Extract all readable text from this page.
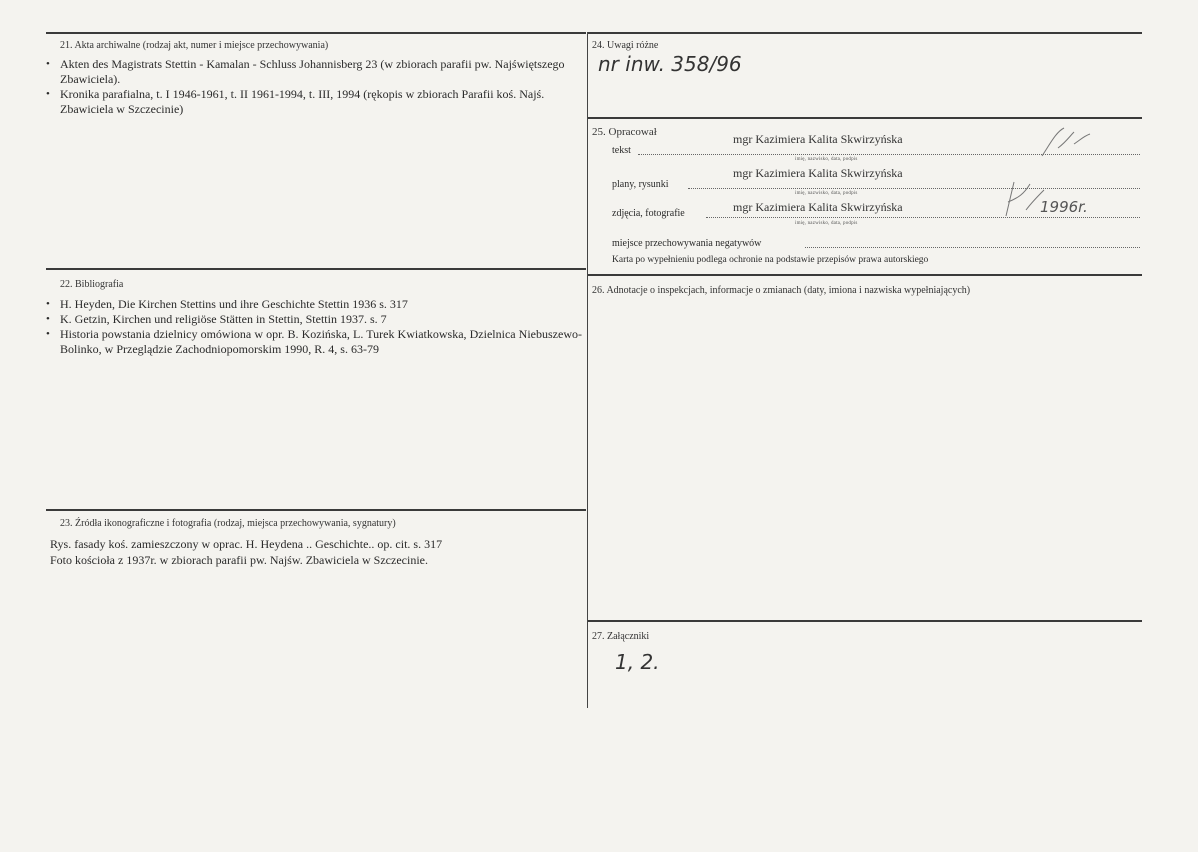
21. Akta archiwalne (rodzaj akt, numer i miejsce przechowywania)
• Akten des Magistrats Stettin - Kamalan - Schluss Johannisberg 23 (w zbiorach parafii pw. Najświętszego Zbawiciela).
• Kronika parafialna, t. I 1946-1961, t. II 1961-1994, t. III, 1994 (rękopis w zbiorach Parafii koś. Najś. Zbawiciela w Szczecinie)
22. Bibliografia
• H. Heyden, Die Kirchen Stettins und ihre Geschichte Stettin 1936 s. 317
• K. Getzin, Kirchen und religiöse Stätten in Stettin, Stettin 1937. s. 7
• Historia powstania dzielnicy omówiona w opr. B. Kozińska, L. Turek Kwiatkowska, Dzielnica Niebuszewo-Bolinko, w Przeglądzie Zachodniopomorskim 1990, R. 4, s. 63-79
23. Źródła ikonograficzne i fotografia (rodzaj, miejsca przechowywania, sygnatury)
Rys. fasady koś. zamieszczony w oprac. H. Heydena .. Geschichte.. op. cit. s. 317
Foto kościoła z 1937r. w zbiorach parafii pw. Najśw. Zbawiciela w Szczecinie.
24. Uwagi różne
nr inw. 358/96
25. Opracował	mgr Kazimiera Kalita Skwirzyńska
tekst
imię, nazwisko, data, podpis
mgr Kazimiera Kalita Skwirzyńska
plany, rysunki
imię, nazwisko, data, podpis
mgr Kazimiera Kalita Skwirzyńska
zdjęcia, fotografie
imię, nazwisko, data, podpis
miejsce przechowywania negatywów
Karta po wypełnieniu podlega ochronie na podstawie przepisów prawa autorskiego
1996r.
26. Adnotacje o inspekcjach, informacje o zmianach (daty, imiona i nazwiska wypełniających)
27. Załączniki
1, 2.
